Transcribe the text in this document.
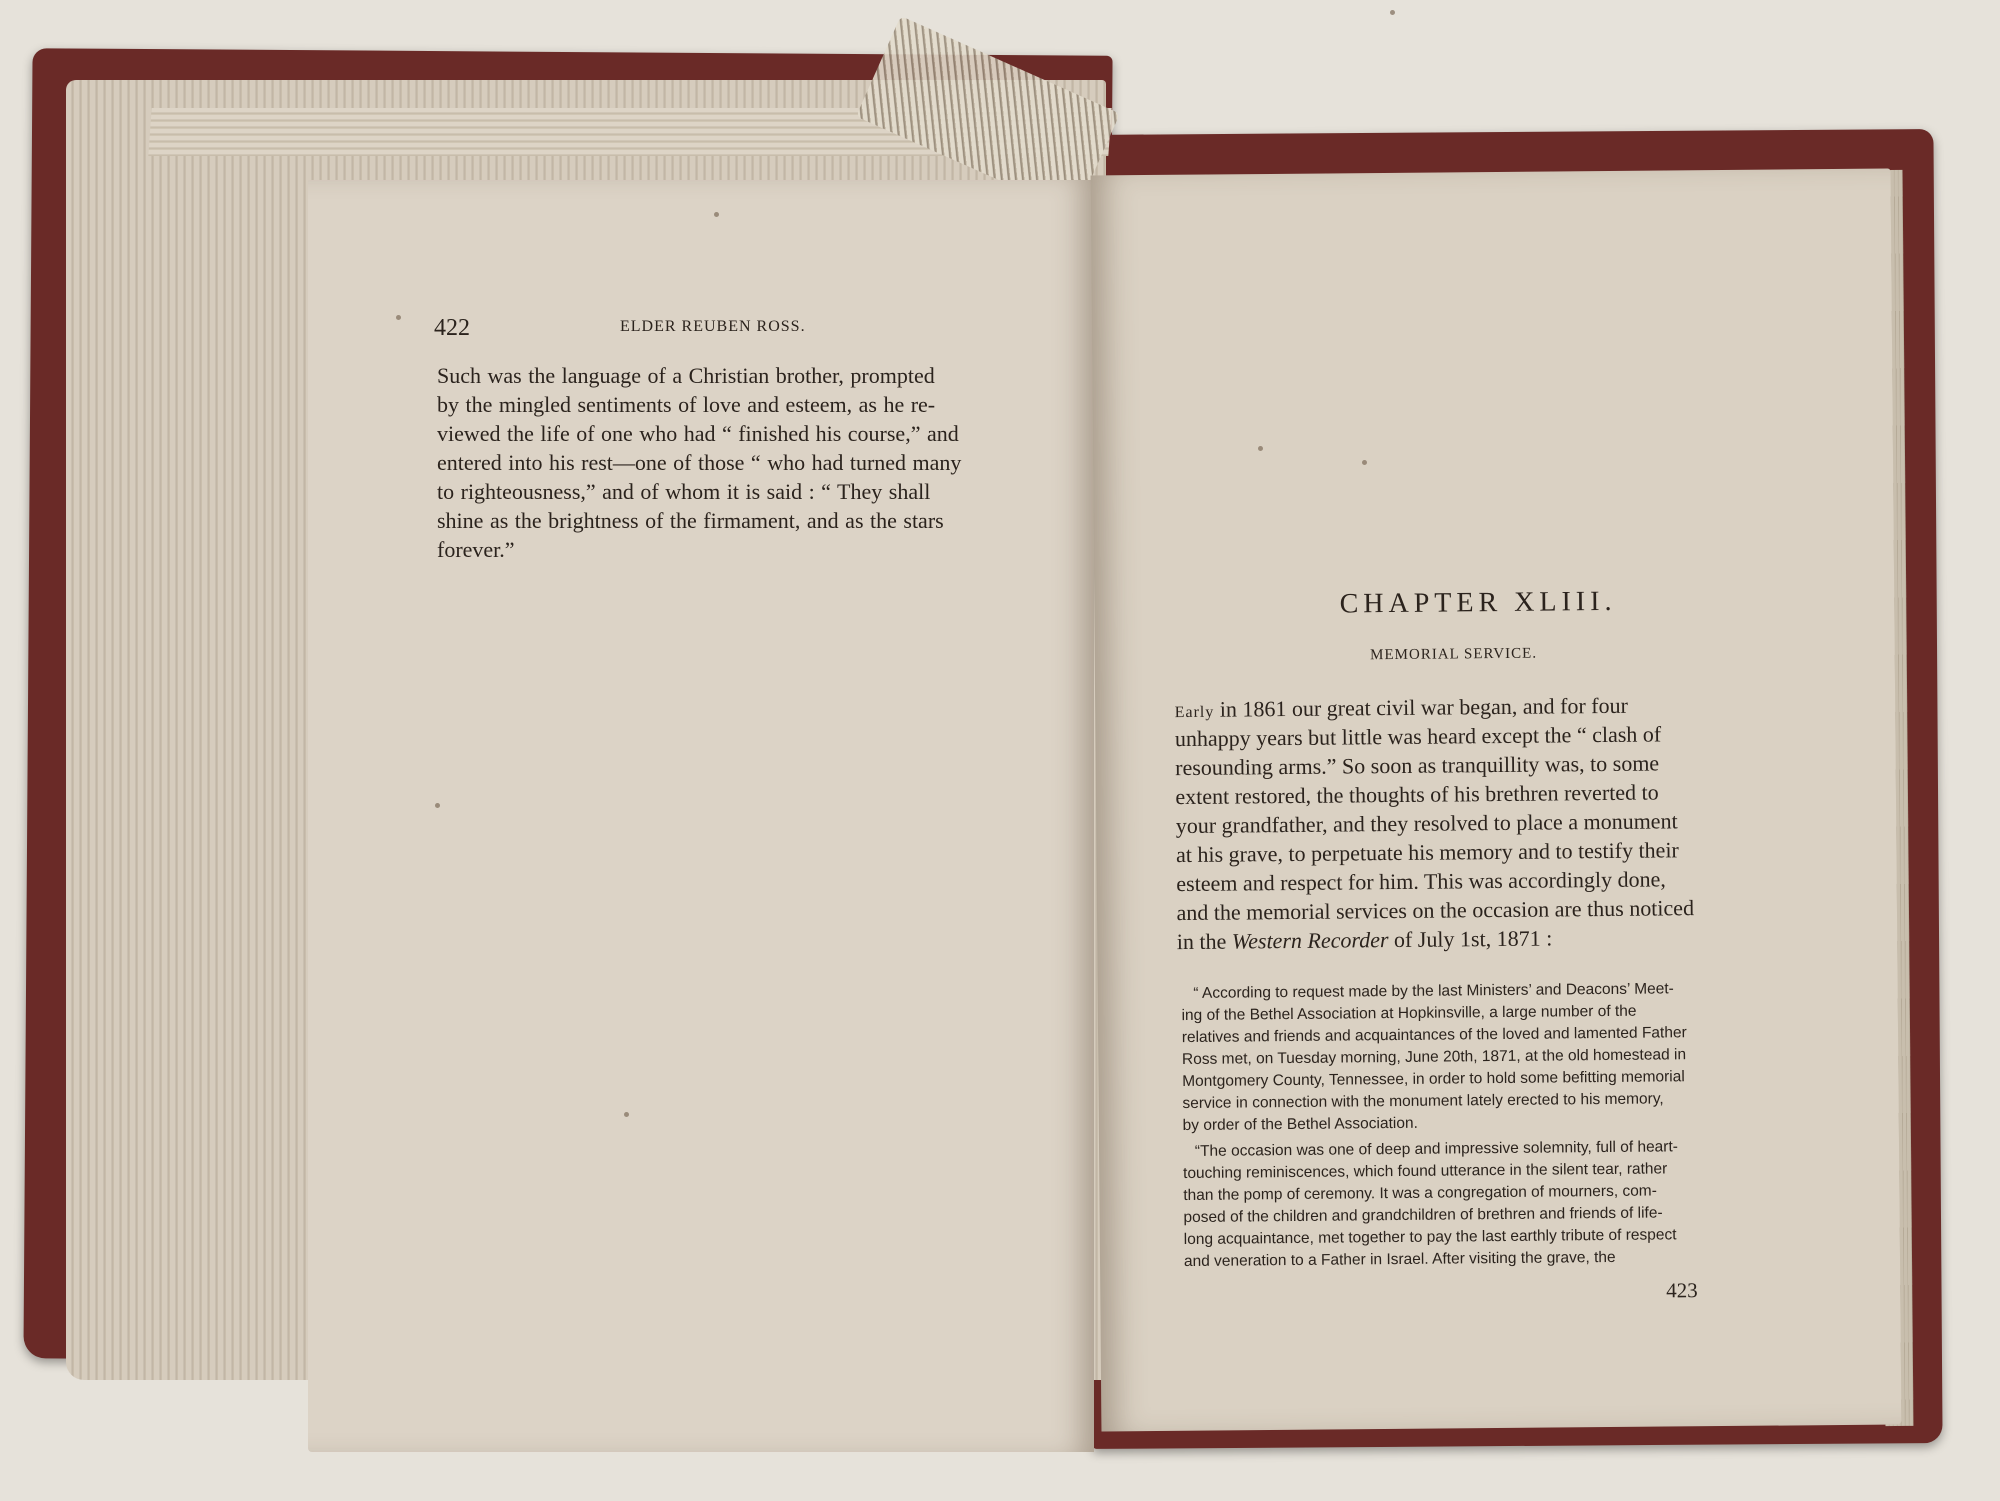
422	ELDER REUBEN ROSS.
Such was the language of a Christian brother, prompted
by the mingled sentiments of love and esteem, as he re-
viewed the life of one who had “ finished his course,” and
entered into his rest—one of those “ who had turned many
to righteousness,” and of whom it is said : “ They shall
shine as the brightness of the firmament, and as the stars
forever.”
CHAPTER XLIII.
MEMORIAL SERVICE.
Early in 1861 our great civil war began, and for four
unhappy years but little was heard except the “ clash of
resounding arms.” So soon as tranquillity was, to some
extent restored, the thoughts of his brethren reverted to
your grandfather, and they resolved to place a monument
at his grave, to perpetuate his memory and to testify their
esteem and respect for him. This was accordingly done,
and the memorial services on the occasion are thus noticed
in the Western Recorder of July 1st, 1871 :
“ According to request made by the last Ministers’ and Deacons’ Meet-
ing of the Bethel Association at Hopkinsville, a large number of the
relatives and friends and acquaintances of the loved and lamented Father
Ross met, on Tuesday morning, June 20th, 1871, at the old homestead in
Montgomery County, Tennessee, in order to hold some befitting memorial
service in connection with the monument lately erected to his memory,
by order of the Bethel Association.
“The occasion was one of deep and impressive solemnity, full of heart-
touching reminiscences, which found utterance in the silent tear, rather
than the pomp of ceremony. It was a congregation of mourners, com-
posed of the children and grandchildren of brethren and friends of life-
long acquaintance, met together to pay the last earthly tribute of respect
and veneration to a Father in Israel. After visiting the grave, the
423
